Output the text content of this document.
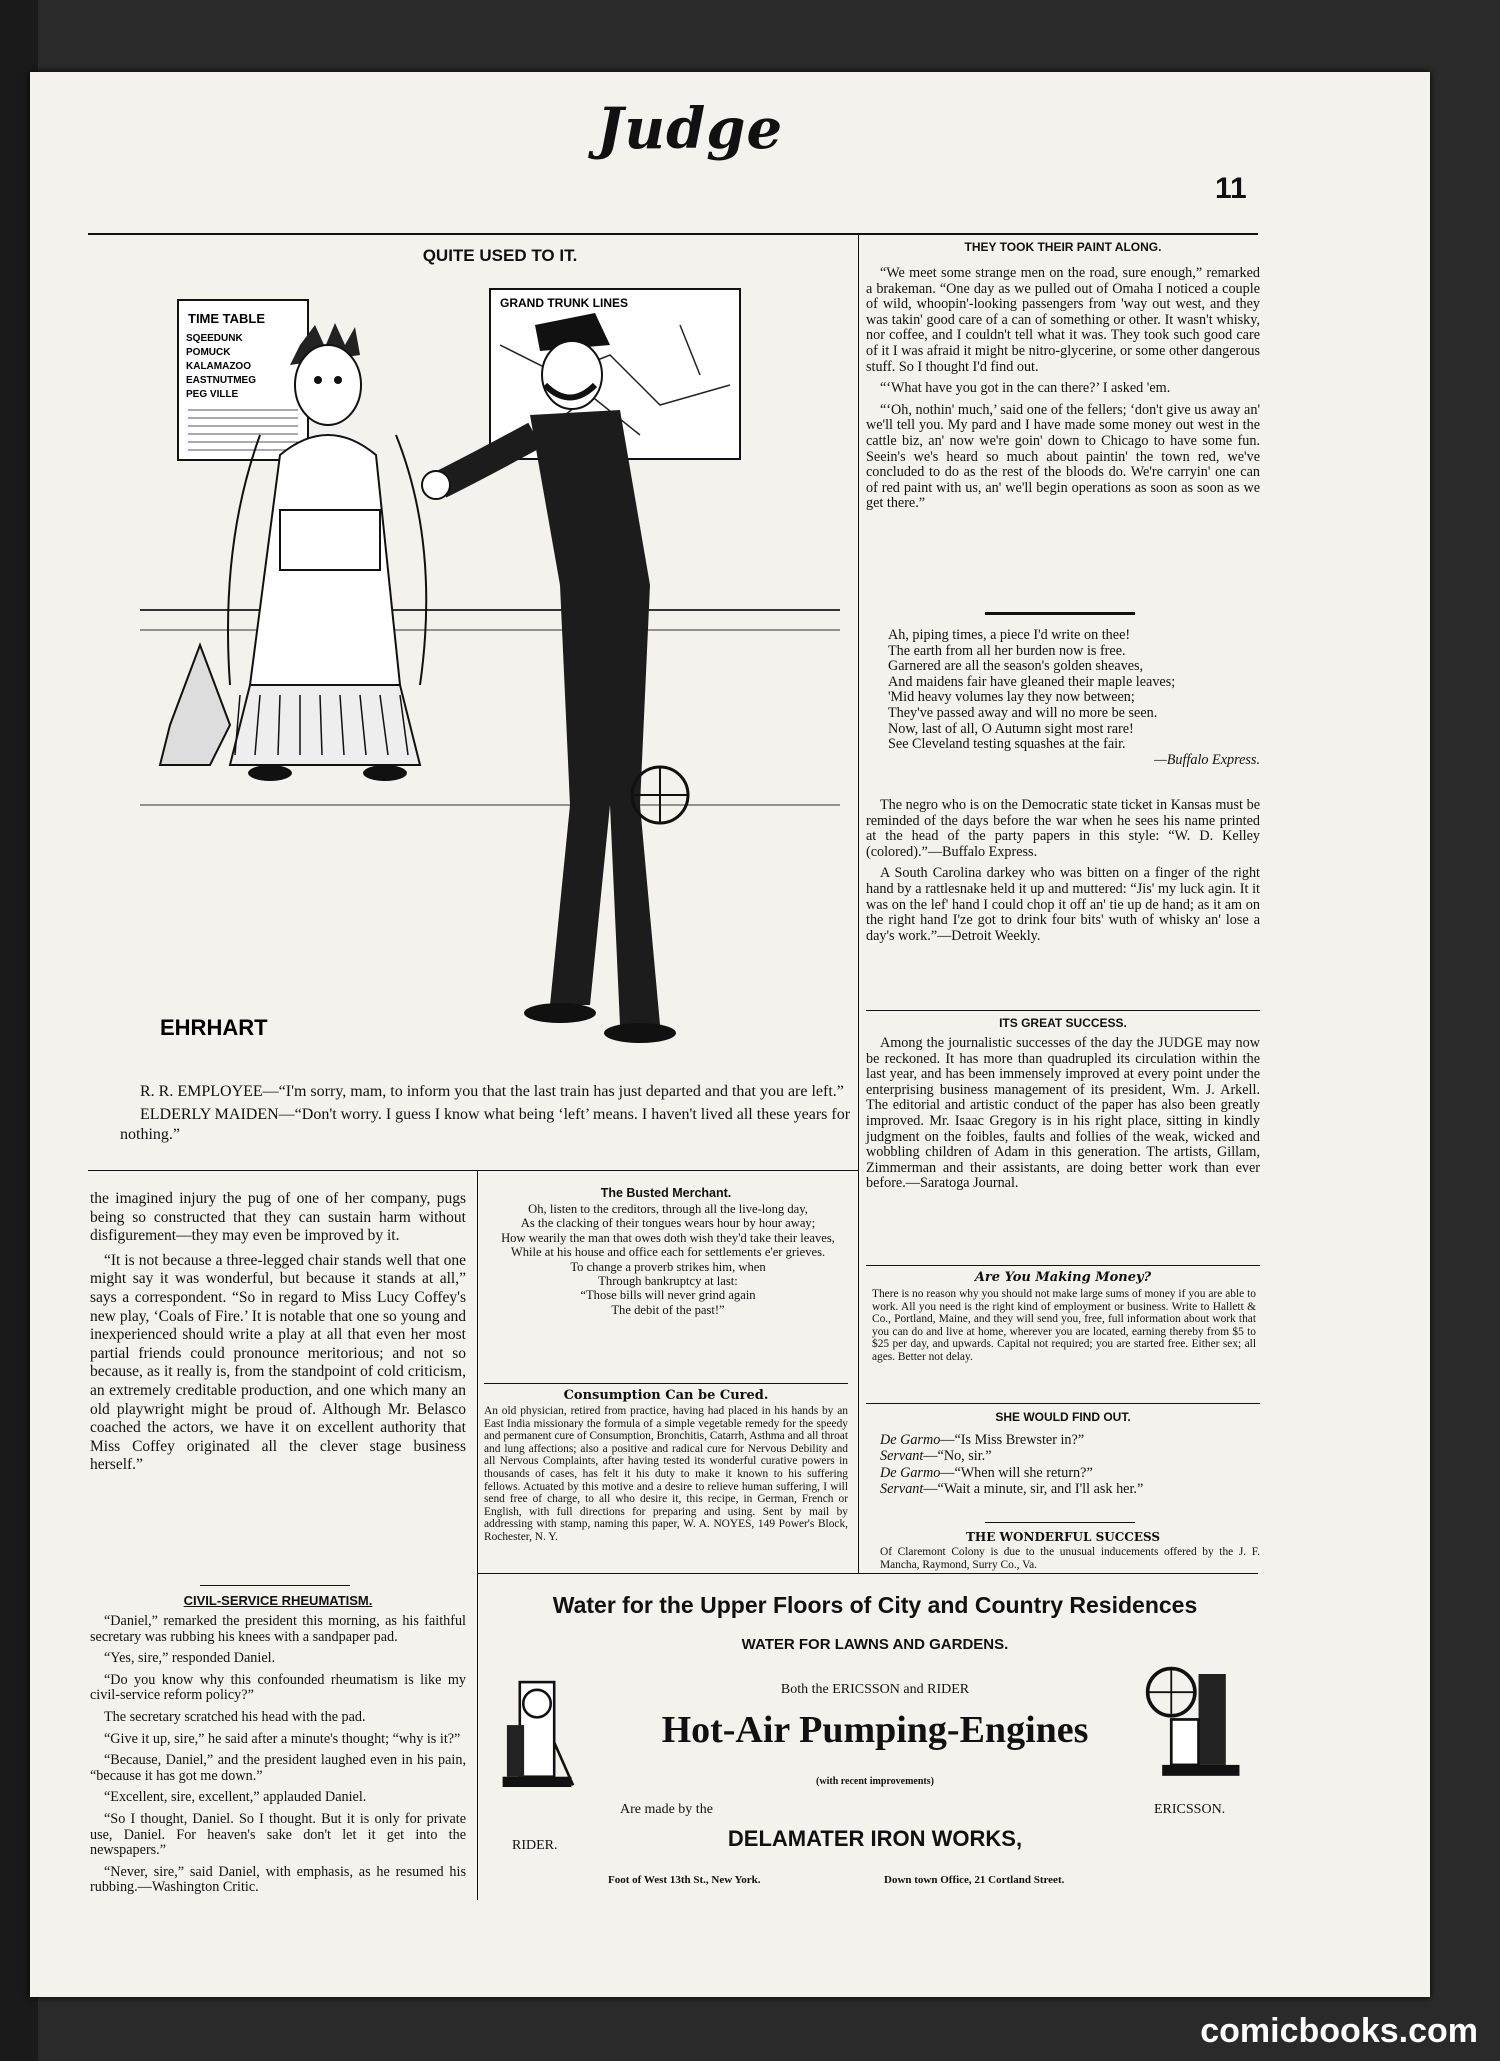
Judge
11
QUITE USED TO IT.
TIME TABLE
SQEEDUNK
POMUCK
KALAMAZOO
EASTNUTMEG
PEG VILLE
GRAND TRUNK LINES
EHRHART

R. R. EMPLOYEE—“I'm sorry, mam, to inform you that the last train has just departed and that you are left.”

ELDERLY MAIDEN—“Don't worry. I guess I know what being ‘left’ means. I haven't lived all these years for nothing.”

the imagined injury the pug of one of her company, pugs being so constructed that they can sustain harm without disfigurement—they may even be improved by it.

“It is not because a three-legged chair stands well that one might say it was wonderful, but because it stands at all,” says a correspondent. “So in regard to Miss Lucy Coffey's new play, ‘Coals of Fire.’ It is notable that one so young and inexperienced should write a play at all that even her most partial friends could pronounce meritorious; and not so because, as it really is, from the standpoint of cold criticism, an extremely creditable production, and one which many an old playwright might be proud of. Although Mr. Belasco coached the actors, we have it on excellent authority that Miss Coffey originated all the clever stage business herself.”

CIVIL-SERVICE RHEUMATISM.

“Daniel,” remarked the president this morning, as his faithful secretary was rubbing his knees with a sandpaper pad.

“Yes, sire,” responded Daniel.

“Do you know why this confounded rheumatism is like my civil-service reform policy?”

The secretary scratched his head with the pad.

“Give it up, sire,” he said after a minute's thought; “why is it?”

“Because, Daniel,” and the president laughed even in his pain, “because it has got me down.”

“Excellent, sire, excellent,” applauded Daniel.

“So I thought, Daniel. So I thought. But it is only for private use, Daniel. For heaven's sake don't let it get into the newspapers.”

“Never, sire,” said Daniel, with emphasis, as he resumed his rubbing.—Washington Critic.

The Busted Merchant.

Oh, listen to the creditors, through all the live-long day,

As the clacking of their tongues wears hour by hour away;

How wearily the man that owes doth wish they'd take their leaves,

While at his house and office each for settlements e'er grieves.

To change a proverb strikes him, when

Through bankruptcy at last:

“Those bills will never grind again

The debit of the past!”

Consumption Can be Cured.
An old physician, retired from practice, having had placed in his hands by an East India missionary the formula of a simple vegetable remedy for the speedy and permanent cure of Consumption, Bronchitis, Catarrh, Asthma and all throat and lung affections; also a positive and radical cure for Nervous Debility and all Nervous Complaints, after having tested its wonderful curative powers in thousands of cases, has felt it his duty to make it known to his suffering fellows. Actuated by this motive and a desire to relieve human suffering, I will send free of charge, to all who desire it, this recipe, in German, French or English, with full directions for preparing and using. Sent by mail by addressing with stamp, naming this paper, W. A. NOYES, 149 Power's Block, Rochester, N. Y.
THEY TOOK THEIR PAINT ALONG.

“We meet some strange men on the road, sure enough,” remarked a brakeman. “One day as we pulled out of Omaha I noticed a couple of wild, whoopin'-looking passengers from 'way out west, and they was takin' good care of a can of something or other. It wasn't whisky, nor coffee, and I couldn't tell what it was. They took such good care of it I was afraid it might be nitro-glycerine, or some other dangerous stuff. So I thought I'd find out.

“‘What have you got in the can there?’ I asked 'em.

“‘Oh, nothin' much,’ said one of the fellers; ‘don't give us away an' we'll tell you. My pard and I have made some money out west in the cattle biz, an' now we're goin' down to Chicago to have some fun. Seein's we's heard so much about paintin' the town red, we've concluded to do as the rest of the bloods do. We're carryin' one can of red paint with us, an' we'll begin operations as soon as soon as we get there.”

Ah, piping times, a piece I'd write on thee!

The earth from all her burden now is free.

Garnered are all the season's golden sheaves,

And maidens fair have gleaned their maple leaves;

'Mid heavy volumes lay they now between;

They've passed away and will no more be seen.

Now, last of all, O Autumn sight most rare!

See Cleveland testing squashes at the fair.

—Buffalo Express.

The negro who is on the Democratic state ticket in Kansas must be reminded of the days before the war when he sees his name printed at the head of the party papers in this style: “W. D. Kelley (colored).”—Buffalo Express.

A South Carolina darkey who was bitten on a finger of the right hand by a rattlesnake held it up and muttered: “Jis' my luck agin. It it was on the lef' hand I could chop it off an' tie up de hand; as it am on the right hand I'ze got to drink four bits' wuth of whisky an' lose a day's work.”—Detroit Weekly.

ITS GREAT SUCCESS.

Among the journalistic successes of the day the JUDGE may now be reckoned. It has more than quadrupled its circulation within the last year, and has been immensely improved at every point under the enterprising business management of its president, Wm. J. Arkell. The editorial and artistic conduct of the paper has also been greatly improved. Mr. Isaac Gregory is in his right place, sitting in kindly judgment on the foibles, faults and follies of the weak, wicked and wobbling children of Adam in this generation. The artists, Gillam, Zimmerman and their assistants, are doing better work than ever before.—Saratoga Journal.

Are You Making Money?
There is no reason why you should not make large sums of money if you are able to work. All you need is the right kind of employment or business. Write to Hallett & Co., Portland, Maine, and they will send you, free, full information about work that you can do and live at home, wherever you are located, earning thereby from $5 to $25 per day, and upwards. Capital not required; you are started free. Either sex; all ages. Better not delay.
SHE WOULD FIND OUT.

De Garmo—“Is Miss Brewster in?”

Servant—“No, sir.”

De Garmo—“When will she return?”

Servant—“Wait a minute, sir, and I'll ask her.”

THE WONDERFUL SUCCESS
Of Claremont Colony is due to the unusual inducements offered by the J. F. Mancha, Raymond, Surry Co., Va.
Water for the Upper Floors of City and Country Residences
WATER FOR LAWNS AND GARDENS.
Both the ERICSSON and RIDER
Hot-Air Pumping-Engines
(with recent improvements)
Are made by the
DELAMATER IRON WORKS,
Foot of West 13th St., New York.	Down town Office, 21 Cortland Street.
RIDER.
ERICSSON.
comicbooks.com
